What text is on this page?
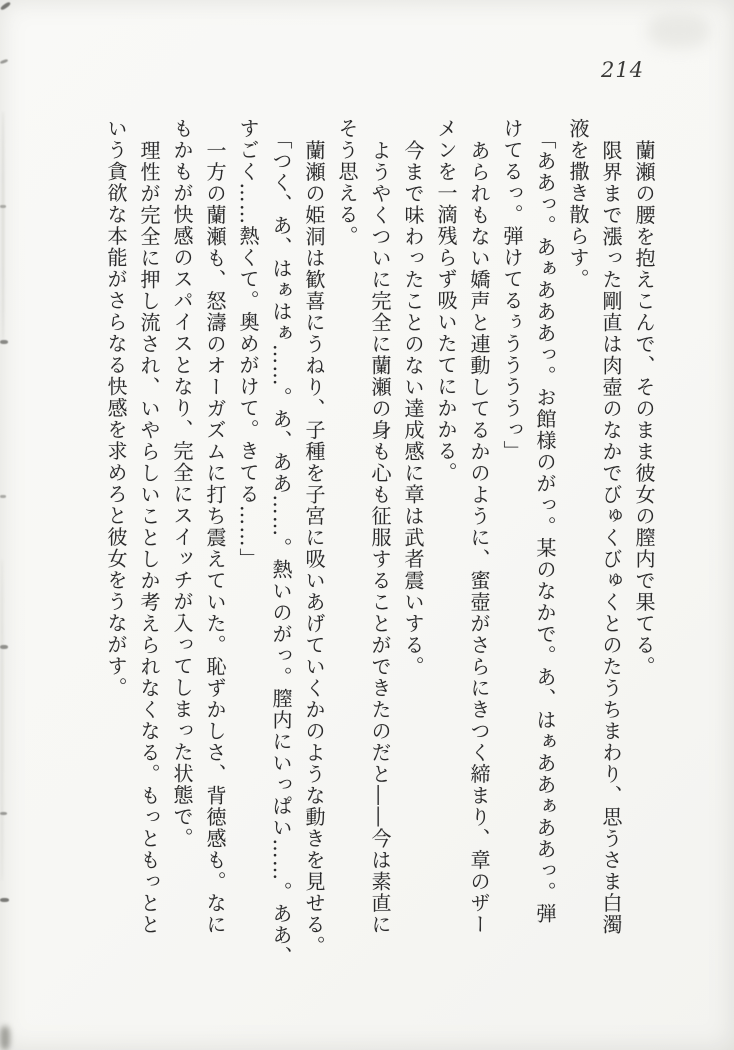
214
蘭瀬の腰を抱えこんで、そのまま彼女の膣内で果てる。
限界まで漲った剛直は肉壺のなかでびゅくびゅくとのたうちまわり、思うさま白濁
液を撒き散らす。
「ああっ。あぁあああっ。お館様のがっ。某のなかで。あ、はぁああぁああっ。弾
けてるっ。弾けてるぅううううっ」
あられもない嬌声と連動してるかのように、蜜壺がさらにきつく締まり、章のザー
メンを一滴残らず吸いたてにかかる。
今まで味わったことのない達成感に章は武者震いする。
ようやくついに完全に蘭瀬の身も心も征服することができたのだと――今は素直に
そう思える。
蘭瀬の姫洞は歓喜にうねり、子種を子宮に吸いあげていくかのような動きを見せる。
「つく、あ、はぁはぁ……。あ、ああ……。熱いのがっ。膣内にいっぱい……。ああ、
すごく……熱くて。奥めがけて。きてる……」
一方の蘭瀬も、怒濤のオーガズムに打ち震えていた。恥ずかしさ、背徳感も。なに
もかもが快感のスパイスとなり、完全にスイッチが入ってしまった状態で。
理性が完全に押し流され、いやらしいことしか考えられなくなる。もっともっとと
いう貪欲な本能がさらなる快感を求めろと彼女をうながす。
